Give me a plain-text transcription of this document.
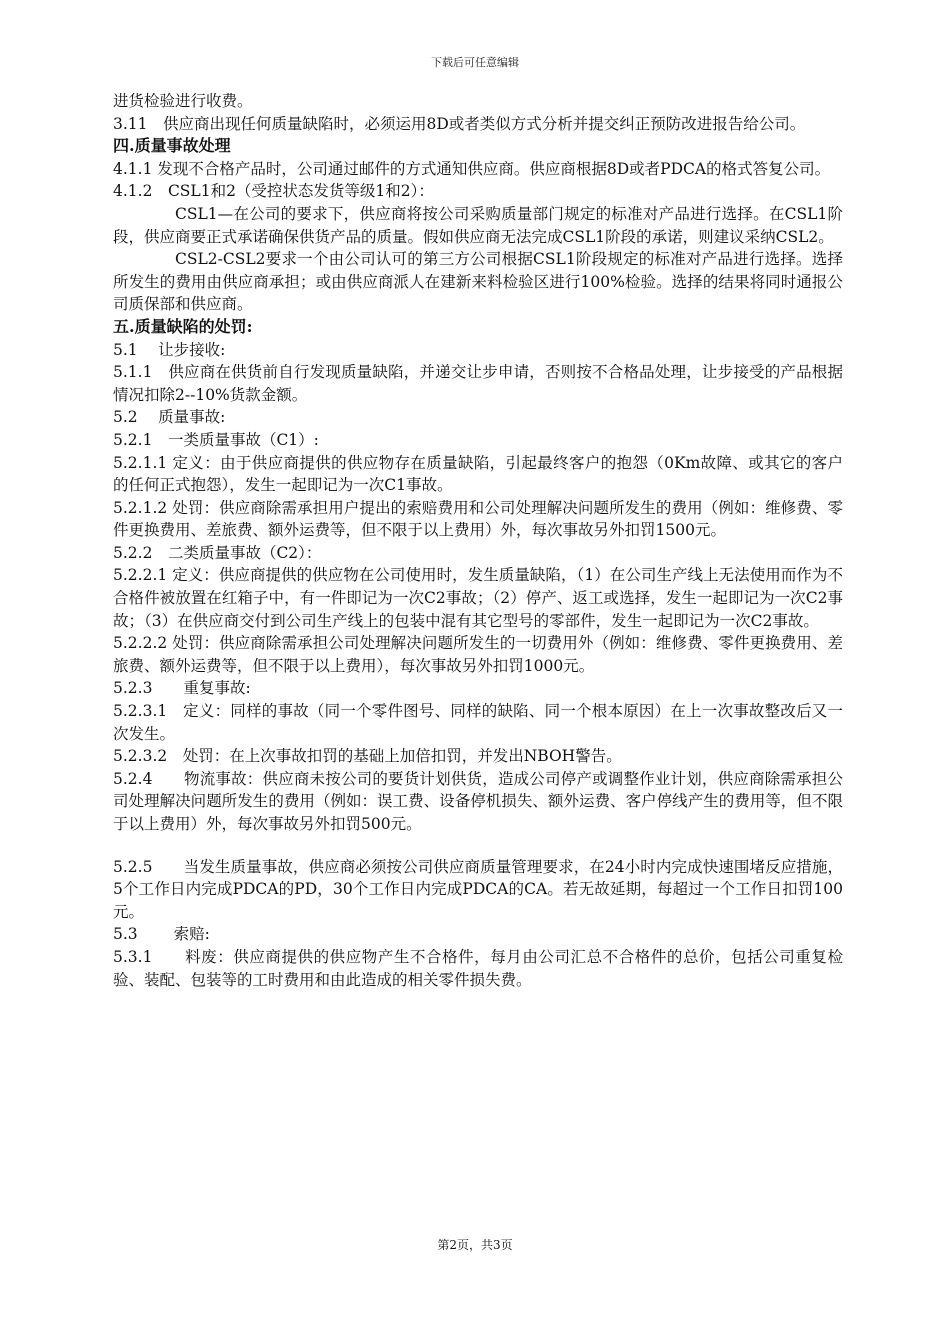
下载后可任意编辑

进货检验进行收费。

3.11　供应商出现任何质量缺陷时，必须运用8D或者类似方式分析并提交纠正预防改进报告给公司。

四.质量事故处理

4.1.1 发现不合格产品时，公司通过邮件的方式通知供应商。供应商根据8D或者PDCA的格式答复公司。

4.1.2　CSL1和2（受控状态发货等级1和2）：

CSL1—在公司的要求下，供应商将按公司采购质量部门规定的标准对产品进行选择。在CSL1阶段，供应商要正式承诺确保供货产品的质量。假如供应商无法完成CSL1阶段的承诺，则建议采纳CSL2。

CSL2-CSL2要求一个由公司认可的第三方公司根据CSL1阶段规定的标准对产品进行选择。选择所发生的费用由供应商承担；或由供应商派人在建新来料检验区进行100%检验。选择的结果将同时通报公司质保部和供应商。

五.质量缺陷的处罚:

5.1　 让步接收:

5.1.1　供应商在供货前自行发现质量缺陷，并递交让步申请，否则按不合格品处理，让步接受的产品根据情况扣除2--10%货款金额。

5.2　 质量事故:

5.2.1　一类质量事故（C1）:

5.2.1.1 定义：由于供应商提供的供应物存在质量缺陷，引起最终客户的抱怨（0Km故障、或其它的客户的任何正式抱怨），发生一起即记为一次C1事故。

5.2.1.2 处罚：供应商除需承担用户提出的索赔费用和公司处理解决问题所发生的费用（例如：维修费、零件更换费用、差旅费、额外运费等，但不限于以上费用）外，每次事故另外扣罚1500元。

5.2.2　二类质量事故（C2）：

5.2.2.1 定义：供应商提供的供应物在公司使用时，发生质量缺陷，（1）在公司生产线上无法使用而作为不合格件被放置在红箱子中，有一件即记为一次C2事故；（2）停产、返工或选择，发生一起即记为一次C2事故；（3）在供应商交付到公司生产线上的包装中混有其它型号的零部件，发生一起即记为一次C2事故。

5.2.2.2 处罚：供应商除需承担公司处理解决问题所发生的一切费用外（例如：维修费、零件更换费用、差旅费、额外运费等，但不限于以上费用），每次事故另外扣罚1000元。

5.2.3　　重复事故:

5.2.3.1　定义：同样的事故（同一个零件图号、同样的缺陷、同一个根本原因）在上一次事故整改后又一次发生。

5.2.3.2　处罚：在上次事故扣罚的基础上加倍扣罚，并发出NBOH警告。

5.2.4　　物流事故：供应商未按公司的要货计划供货，造成公司停产或调整作业计划，供应商除需承担公司处理解决问题所发生的费用（例如：误工费、设备停机损失、额外运费、客户停线产生的费用等，但不限于以上费用）外，每次事故另外扣罚500元。

5.2.5　　当发生质量事故，供应商必须按公司供应商质量管理要求，在24小时内完成快速围堵反应措施，5个工作日内完成PDCA的PD，30个工作日内完成PDCA的CA。若无故延期，每超过一个工作日扣罚100元。

5.3　　 索赔:

5.3.1　　料废：供应商提供的供应物产生不合格件，每月由公司汇总不合格件的总价，包括公司重复检验、装配、包装等的工时费用和由此造成的相关零件损失费。

第2页，共3页
